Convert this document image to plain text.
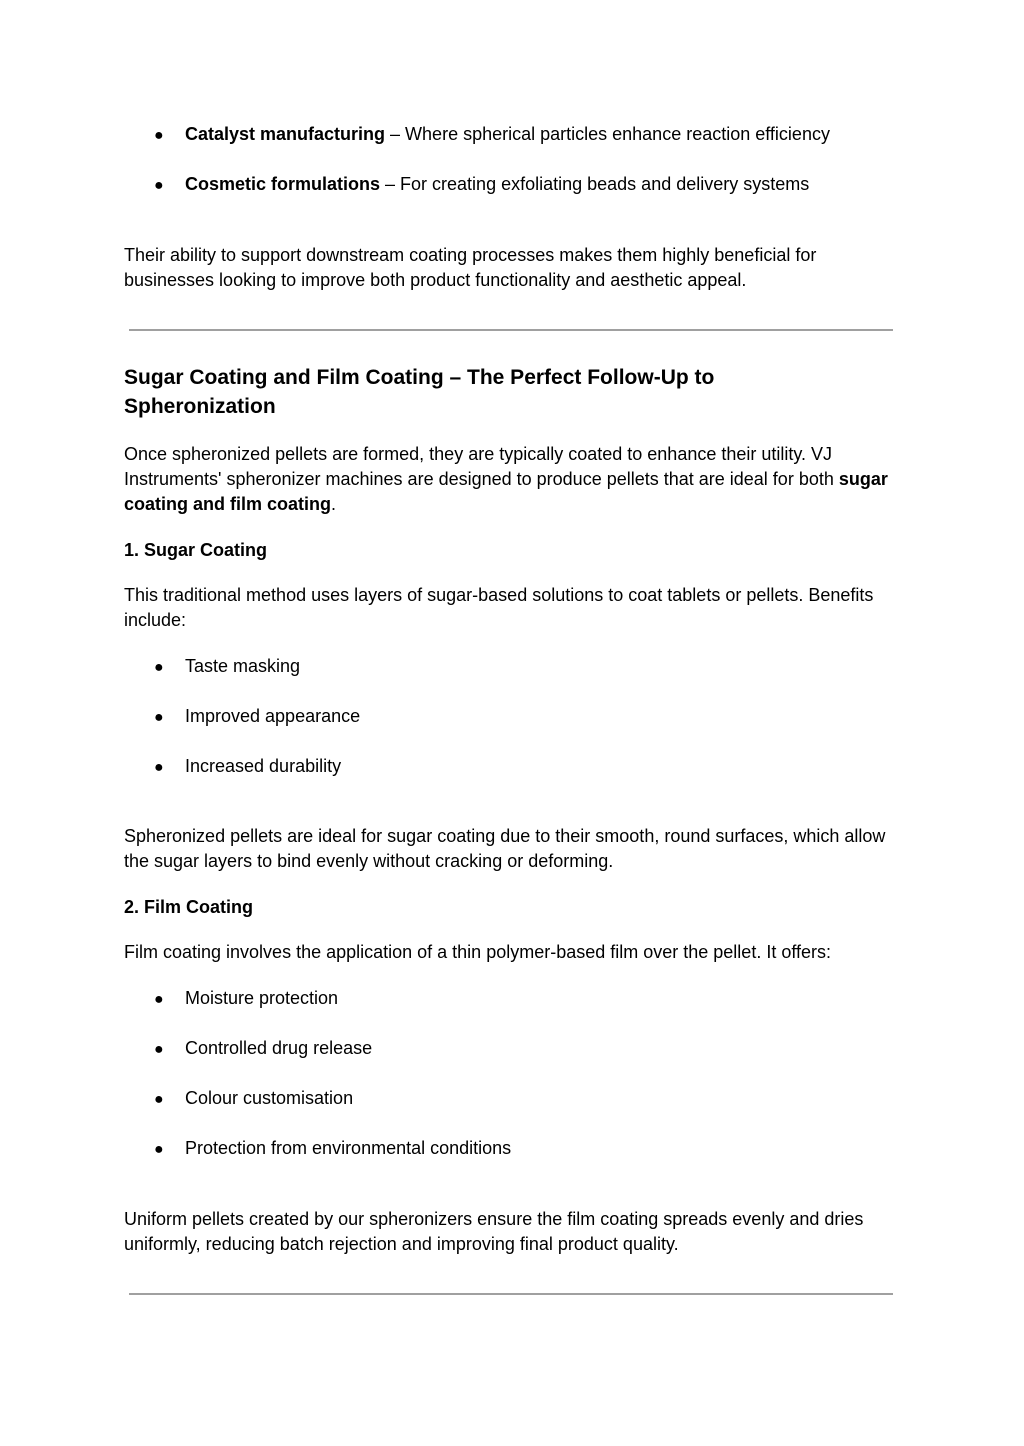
● Catalyst manufacturing – Where spherical particles enhance reaction efficiency
● Cosmetic formulations – For creating exfoliating beads and delivery systems

Their ability to support downstream coating processes makes them highly beneficial for businesses looking to improve both product functionality and aesthetic appeal.

Sugar Coating and Film Coating – The Perfect Follow-Up to
Spheronization

Once spheronized pellets are formed, they are typically coated to enhance their utility. VJ Instruments' spheronizer machines are designed to produce pellets that are ideal for both sugar coating and film coating.

1. Sugar Coating

This traditional method uses layers of sugar-based solutions to coat tablets or pellets. Benefits include:

● Taste masking
● Improved appearance
● Increased durability

Spheronized pellets are ideal for sugar coating due to their smooth, round surfaces, which allow the sugar layers to bind evenly without cracking or deforming.

2. Film Coating

Film coating involves the application of a thin polymer-based film over the pellet. It offers:

● Moisture protection
● Controlled drug release
● Colour customisation
● Protection from environmental conditions

Uniform pellets created by our spheronizers ensure the film coating spreads evenly and dries uniformly, reducing batch rejection and improving final product quality.
